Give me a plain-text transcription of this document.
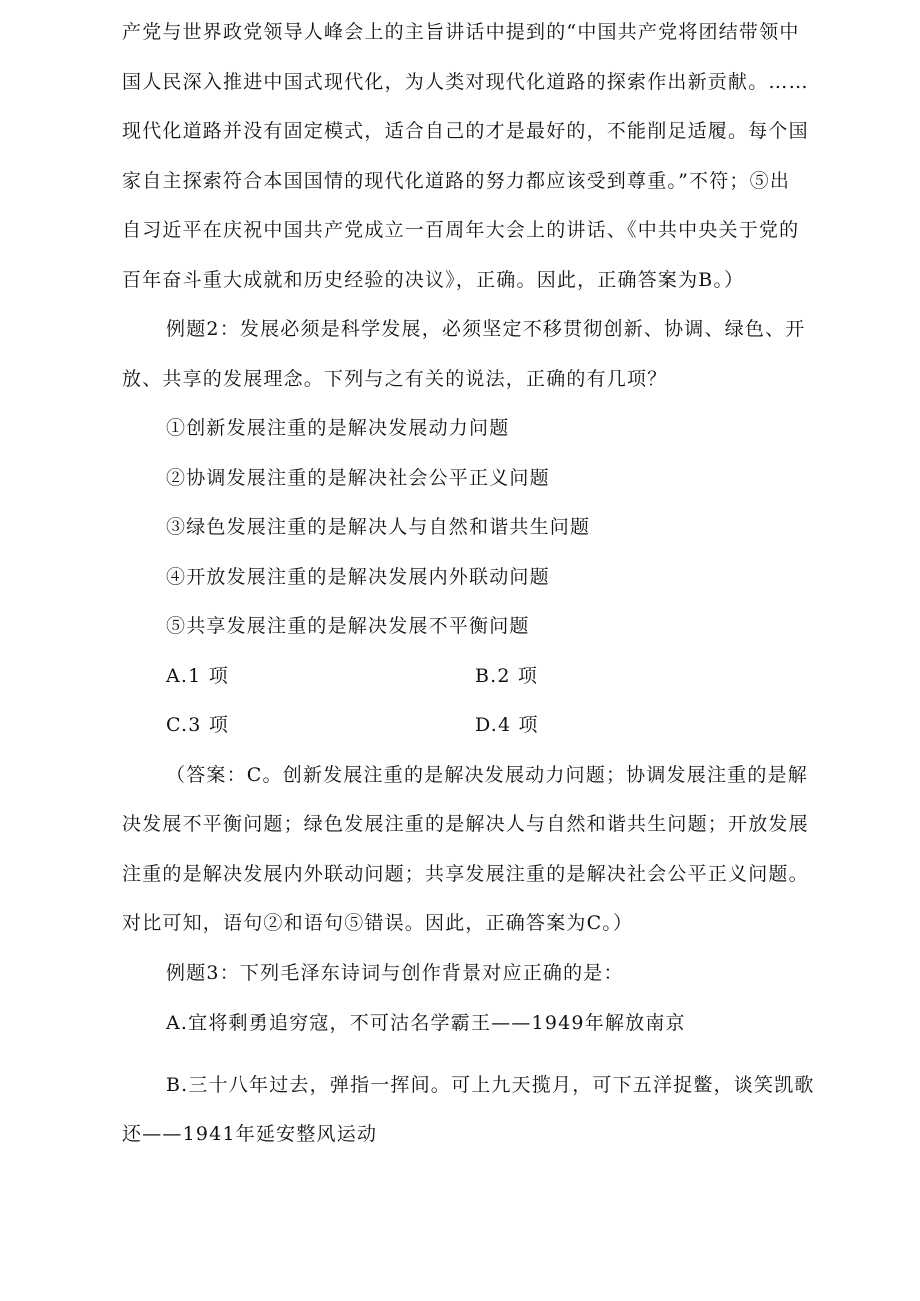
产党与世界政党领导人峰会上的主旨讲话中提到的“中国共产党将团结带领中
国人民深入推进中国式现代化，为人类对现代化道路的探索作出新贡献。……
现代化道路并没有固定模式，适合自己的才是最好的，不能削足适履。每个国
家自主探索符合本国国情的现代化道路的努力都应该受到尊重。”不符；⑤出
自习近平在庆祝中国共产党成立一百周年大会上的讲话、《中共中央关于党的
百年奋斗重大成就和历史经验的决议》，正确。因此，正确答案为B。）
例题2：发展必须是科学发展，必须坚定不移贯彻创新、协调、绿色、开
放、共享的发展理念。下列与之有关的说法，正确的有几项？
①创新发展注重的是解决发展动力问题
②协调发展注重的是解决社会公平正义问题
③绿色发展注重的是解决人与自然和谐共生问题
④开放发展注重的是解决发展内外联动问题
⑤共享发展注重的是解决发展不平衡问题
A.1 项	B.2 项
C.3 项	D.4 项
（答案：C。创新发展注重的是解决发展动力问题；协调发展注重的是解
决发展不平衡问题；绿色发展注重的是解决人与自然和谐共生问题；开放发展
注重的是解决发展内外联动问题；共享发展注重的是解决社会公平正义问题。
对比可知，语句②和语句⑤错误。因此，正确答案为C。）
例题3：下列毛泽东诗词与创作背景对应正确的是：
A.宜将剩勇追穷寇，不可沽名学霸王——1949年解放南京
B.三十八年过去，弹指一挥间。可上九天揽月，可下五洋捉鳖，谈笑凯歌
还——1941年延安整风运动
